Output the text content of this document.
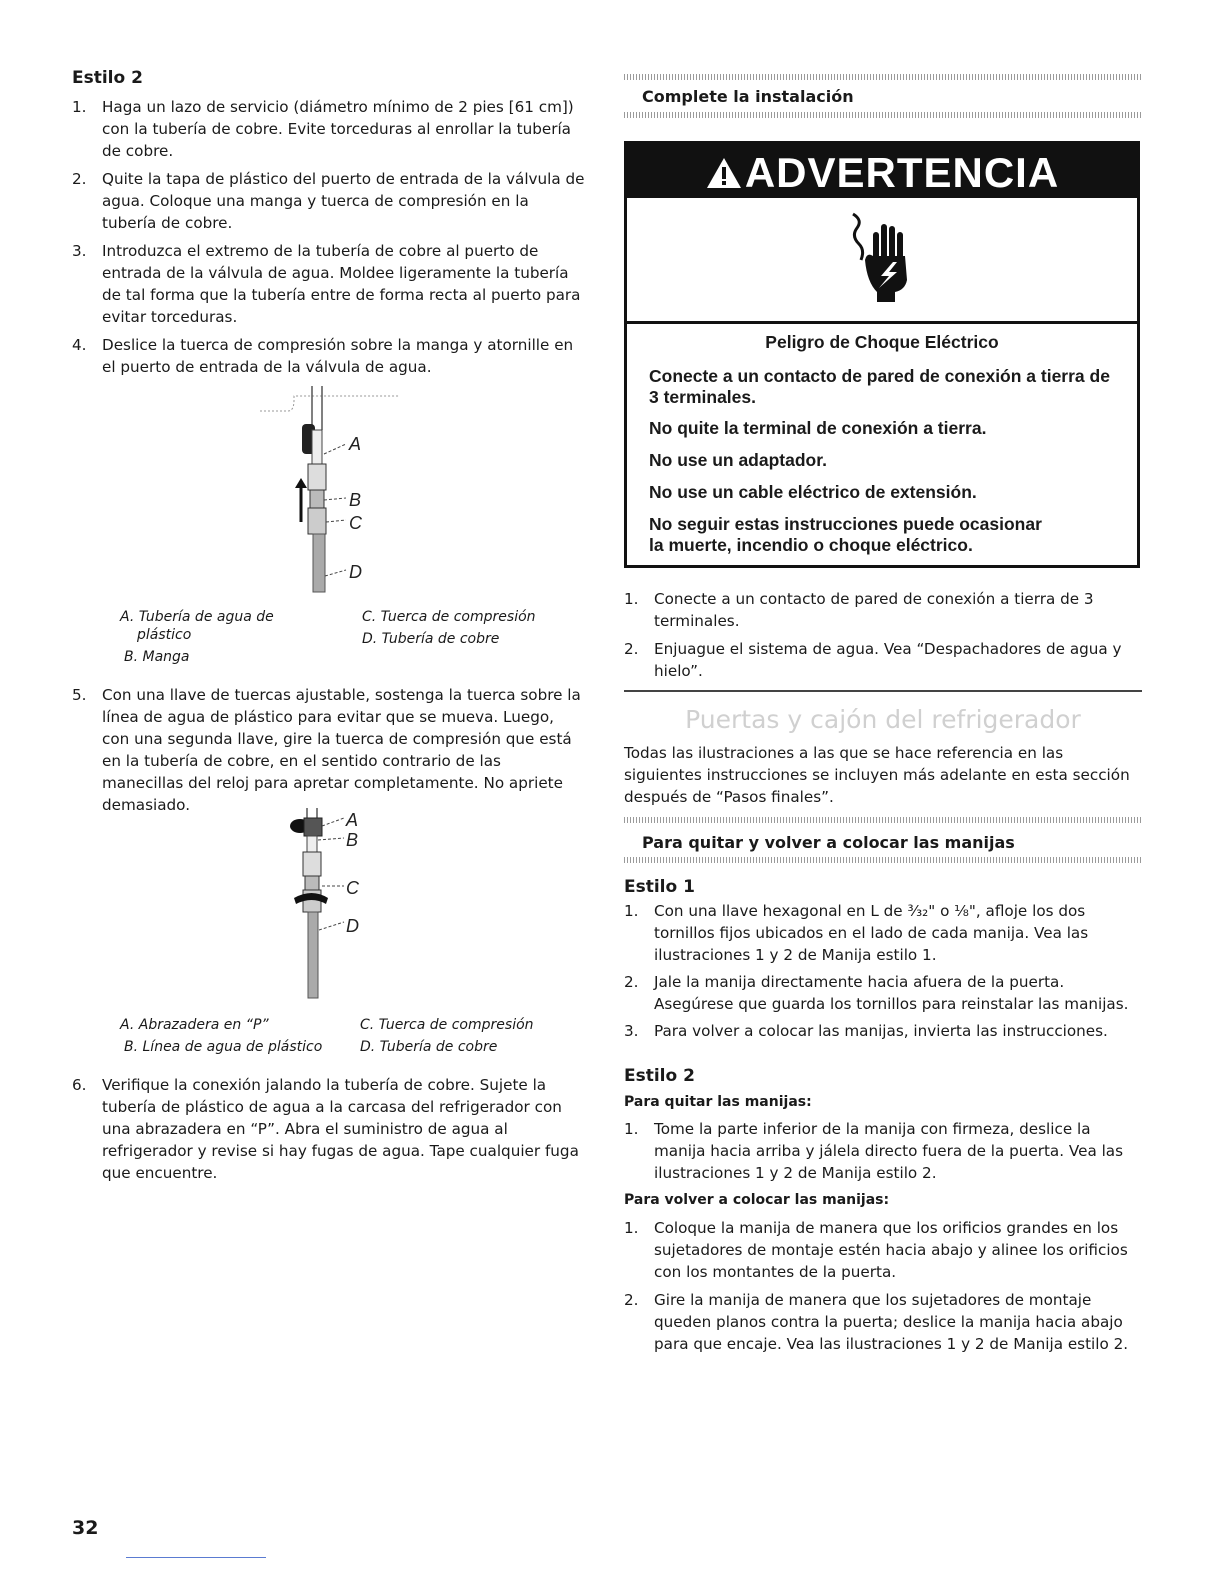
Estilo 2
1. Haga un lazo de servicio (diámetro mínimo de 2 pies [61 cm]) con la tubería de cobre. Evite torceduras al enrollar la tubería de cobre.
2. Quite la tapa de plástico del puerto de entrada de la válvula de agua. Coloque una manga y tuerca de compresión en la tubería de cobre.
3. Introduzca el extremo de la tubería de cobre al puerto de entrada de la válvula de agua. Moldee ligeramente la tubería de tal forma que la tubería entre de forma recta al puerto para evitar torceduras.
4. Deslice la tuerca de compresión sobre la manga y atornille en el puerto de entrada de la válvula de agua.
A
B
C
D
A. Tubería de agua de
plástico
B. Manga
C. Tuerca de compresión
D. Tubería de cobre
5. Con una llave de tuercas ajustable, sostenga la tuerca sobre la línea de agua de plástico para evitar que se mueva. Luego, con una segunda llave, gire la tuerca de compresión que está en la tubería de cobre, en el sentido contrario de las manecillas del reloj para apretar completamente. No apriete demasiado.
A
B
C
D
A. Abrazadera en “P”
B. Línea de agua de plástico
C. Tuerca de compresión
D. Tubería de cobre
6. Verifique la conexión jalando la tubería de cobre. Sujete la tubería de plástico de agua a la carcasa del refrigerador con una abrazadera en “P”. Abra el suministro de agua al refrigerador y revise si hay fugas de agua. Tape cualquier fuga que encuentre.
Complete la instalación
ADVERTENCIA
Peligro de Choque Eléctrico
Conecte a un contacto de pared de conexión a tierra de
3 terminales.
No quite la terminal de conexión a tierra.
No use un adaptador.
No use un cable eléctrico de extensión.
No seguir estas instrucciones puede ocasionar
la muerte, incendio o choque eléctrico.
1. Conecte a un contacto de pared de conexión a tierra de 3 terminales.
2. Enjuague el sistema de agua. Vea “Despachadores de agua y hielo”.
Puertas y cajón del refrigerador
Todas las ilustraciones a las que se hace referencia en las siguientes instrucciones se incluyen más adelante en esta sección después de “Pasos finales”.
Para quitar y volver a colocar las manijas
Estilo 1
1. Con una llave hexagonal en L de ³⁄₃₂" o ⅛", afloje los dos tornillos fijos ubicados en el lado de cada manija. Vea las ilustraciones 1 y 2 de Manija estilo 1.
2. Jale la manija directamente hacia afuera de la puerta. Asegúrese que guarda los tornillos para reinstalar las manijas.
3. Para volver a colocar las manijas, invierta las instrucciones.
Estilo 2
Para quitar las manijas:
1. Tome la parte inferior de la manija con firmeza, deslice la manija hacia arriba y jálela directo fuera de la puerta. Vea las ilustraciones 1 y 2 de Manija estilo 2.
Para volver a colocar las manijas:
1. Coloque la manija de manera que los orificios grandes en los sujetadores de montaje estén hacia abajo y alinee los orificios con los montantes de la puerta.
2. Gire la manija de manera que los sujetadores de montaje queden planos contra la puerta; deslice la manija hacia abajo para que encaje. Vea las ilustraciones 1 y 2 de Manija estilo 2.
32
